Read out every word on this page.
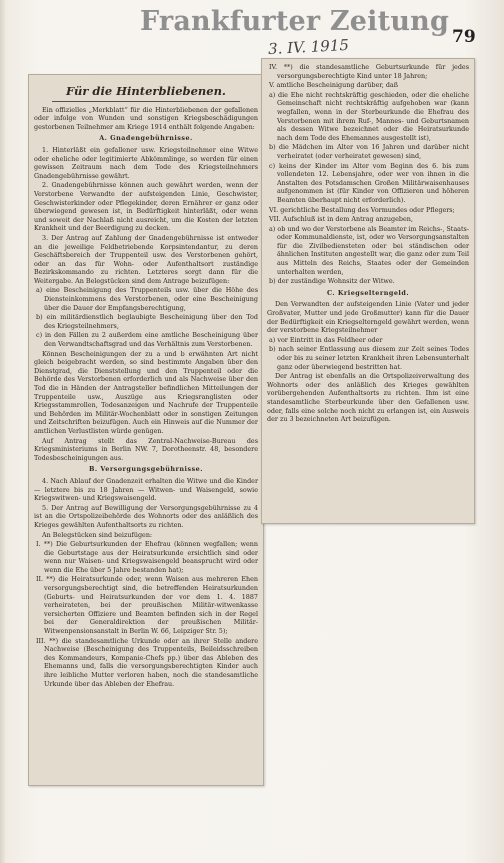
Frankfurter Zeitung
3. IV. 1915	79
Für die Hinterbliebenen.
Ein offizielles „Merkblatt“ für die Hinterbliebenen der gefallenen oder infolge von Wunden und sonstigen Kriegsbeschädigungen gestorbenen Teilnehmer am Kriege 1914 enthält folgende Angaben:
A. Gnadengebührnisse.
1. Hinterläßt ein gefallener usw. Kriegsteilnehmer eine Witwe oder eheliche oder legitimierte Abkömmlinge, so werden für einen gewissen Zeitraum nach dem Tode des Kriegsteilnehmers Gnadengebührnisse gewährt.
2. Gnadengebührnisse können auch gewährt werden, wenn der Verstorbene Verwandte der aufsteigenden Linie, Geschwister, Geschwisterkinder oder Pflegekinder, deren Ernährer er ganz oder überwiegend gewesen ist, in Bedürftigkeit hinterläßt, oder wenn und soweit der Nachlaß nicht ausreicht, um die Kosten der letzten Krankheit und der Beerdigung zu decken.
3. Der Antrag auf Zahlung der Gnadengebührnisse ist entweder an die jeweilige Feldbetriebende Korpsintendantur, zu deren Geschäftsbereich der Truppenteil usw. des Verstorbenen gehört, oder an das für Wohn- oder Aufenthaltsort zuständige Bezirkskommando zu richten. Letzteres sorgt dann für die Weitergabe. An Belegstücken sind dem Antrage beizufügen:
a) eine Bescheinigung des Truppenteils usw. über die Höhe des Diensteinkommens des Verstorbenen, oder eine Bescheinigung über die Dauer der Empfangsberechtigung,
b) ein militärdienstlich beglaubigte Bescheinigung über den Tod des Kriegsteilnehmers,
c) in den Fällen zu 2 außerdem eine amtliche Bescheinigung über den Verwandtschaftsgrad und das Verhältnis zum Verstorbenen.
Können Bescheinigungen der zu a und b erwähnten Art nicht gleich beigebracht werden, so sind bestimmte Angaben über den Dienstgrad, die Dienststellung und den Truppenteil oder die Behörde des Verstorbenen erforderlich und als Nachweise über den Tod die in Händen der Antragsteller befindlichen Mitteilungen der Truppenteile usw., Auszüge aus Kriegsranglisten oder Kriegsstammrollen, Todesanzeigen und Nachrufe der Truppenteile und Behörden im Militär-Wochenblatt oder in sonstigen Zeitungen und Zeitschriften beizufügen. Auch ein Hinweis auf die Nummer der amtlichen Verlustlisten würde genügen.
Auf Antrag stellt das Zentral-Nachweise-Bureau des Kriegsministeriums in Berlin NW. 7, Dorotheenstr. 48, besondere Todesbescheinigungen aus.
B. Versorgungsgebührnisse.
4. Nach Ablauf der Gnadenzeit erhalten die Witwe und die Kinder — letztere bis zu 18 Jahren — Witwen- und Waisengeld, sowie Kriegswitwen- und Kriegswaisengeld.
5. Der Antrag auf Bewilligung der Versorgungsgebührnisse zu 4 ist an die Ortspolizeibehörde des Wohnorts oder des anläßlich des Krieges gewählten Aufenthaltsorts zu richten.
An Belegstücken sind beizufügen:
I. **) Die Geburtsurkunden der Ehefrau (können wegfallen; wenn die Geburtstage aus der Heiratsurkunde ersichtlich sind oder wenn nur Waisen- und Kriegswaisengeld beansprucht wird oder wenn die Ehe über 5 Jahre bestanden hat);
II. **) die Heiratsurkunde oder, wenn Waisen aus mehreren Ehen versorgungsberechtigt sind, die betreffenden Heiratsurkunden (Geburts- und Heiratsurkunden der vor dem 1. 4. 1887 verheirateten, bei der preußischen Militär-witwenkasse versicherten Offiziere und Beamten befinden sich in der Regel bei der Generaldirektion der preußischen Militär-Witwenpensionsanstalt in Berlin W. 66, Leipziger Str. 5);
III. **) die standesamtliche Urkunde oder an ihrer Stelle andere Nachweise (Bescheinigung des Truppenteils, Beileidsschreiben des Kommandeurs, Kompanie-Chefs pp.) über das Ableben des Ehemanns und, falls die versorgungsberechtigten Kinder auch ihre leibliche Mutter verloren haben, noch die standesamtliche Urkunde über das Ableben der Ehefrau.
IV. **) die standesamtliche Geburtsurkunde für jedes versorgungsberechtigte Kind unter 18 Jahren;
V. amtliche Bescheinigung darüber, daß
a) die Ehe nicht rechtskräftig geschieden, oder die eheliche Gemeinschaft nicht rechtskräftig aufgehoben war (kann wegfallen, wenn in der Sterbeurkunde die Ehefrau des Verstorbenen mit ihrem Ruf-, Mannes- und Geburtsnamen als dessen Witwe bezeichnet oder die Heiratsurkunde nach dem Tode des Ehemannes ausgestellt ist),
b) die Mädchen im Alter von 16 Jahren und darüber nicht verheiratet (oder verheiratet gewesen) sind,
c) keins der Kinder im Alter vom Beginn des 6. bis zum vollendeten 12. Lebensjahre, oder wer von ihnen in die Anstalten des Potsdamschen Großen Militärwaisenhauses aufgenommen ist (für Kinder von Offizieren und höheren Beamten überhaupt nicht erforderlich).
VI. gerichtliche Bestallung des Vormundes oder Pflegers;
VII. Aufschluß ist in dem Antrag anzugeben,
a) ob und wo der Verstorbene als Beamter im Reichs-, Staats- oder Kommunaldienste, ist, oder wo Versorgungsanstalten für die Zivilbediensteten oder bei ständischen oder ähnlichen Instituten angestellt war, die ganz oder zum Teil aus Mitteln des Reichs, Staates oder der Gemeinden unterhalten werden,
b) der zuständige Wohnsitz der Witwe.
C. Kriegselterngeld.
Den Verwandten der aufsteigenden Linie (Vater und jeder Großvater, Mutter und jede Großmutter) kann für die Dauer der Bedürftigkeit ein Kriegselterngeld gewährt werden, wenn der verstorbene Kriegsteilnehmer
a) vor Eintritt in das Feldheer oder
b) nach seiner Entlassung aus diesem zur Zeit seines Todes oder bis zu seiner letzten Krankheit ihren Lebensunterhalt ganz oder überwiegend bestritten hat.
Der Antrag ist ebenfalls an die Ortspolizeiverwaltung des Wohnorts oder des anläßlich des Krieges gewählten vorübergehenden Aufenthaltsorts zu richten. Ihm ist eine standesamtliche Sterbeurkunde über den Gefallenen usw. oder, falls eine solche noch nicht zu erlangen ist, ein Ausweis der zu 3 bezeichneten Art beizufügen.
